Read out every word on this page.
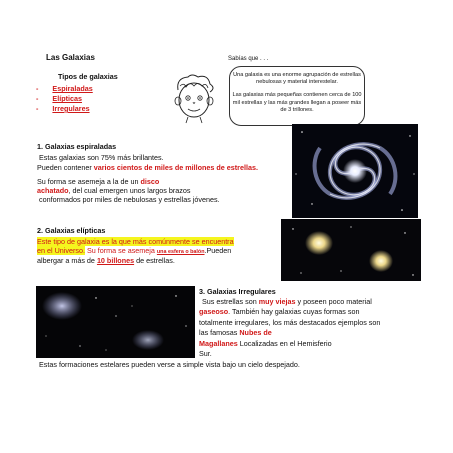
Las Galaxias
Tipos de galaxias
- Espiraladas
- Elípticas
- Irregulares
Sabías que . . .

Una galaxia es una enorme agrupación de estrellas nebulosas y material interestelar.

Las galaxias más pequeñas contienen cerca de 100 mil estrellas y las más grandes llegan a poseer más de 3 trillones.

1. Galaxias espiraladas
Estas galaxias son 75% más brillantes.
Pueden contener varios cientos de miles de millones de estrellas.
Su forma se asemeja a la de un disco
achatado, del cual emergen unos largos brazos
conformados por miles de nebulosas y estrellas jóvenes.
2. Galaxias elípticas
Este tipo de galaxia es la que más comúnmente se encuentra
en el Universo. Su forma se asemeja una esfera o balón.Pueden
albergar a más de 10 billones de estrellas.
3. Galaxias Irregulares
Sus estrellas son muy viejas y poseen poco material
gaseoso. También hay galaxias cuyas formas son
totalmente irregulares, los más destacados ejemplos son
las famosas Nubes de
Magallanes Localizadas en el Hemisferio
Sur.
Estas formaciones estelares pueden verse a simple vista bajo un cielo despejado.
